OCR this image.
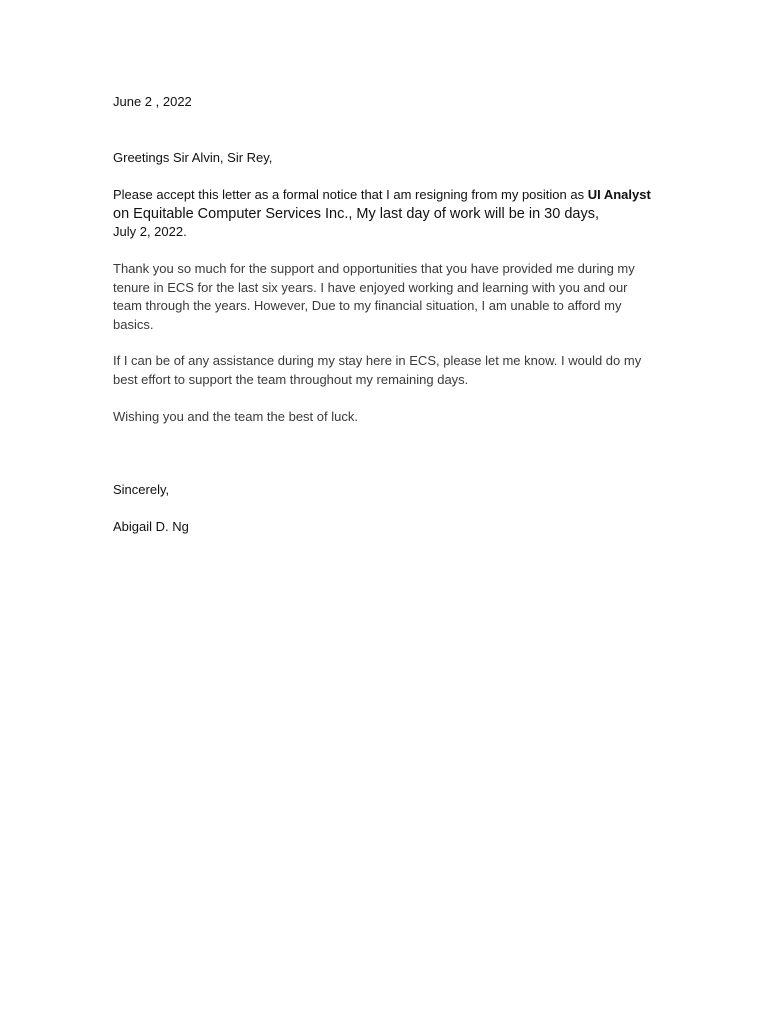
June 2 , 2022
Greetings Sir Alvin, Sir Rey,
Please accept this letter as a formal notice that I am resigning from my position as UI Analyst on Equitable Computer Services Inc., My last day of work will be in 30 days,
July 2, 2022.
Thank you so much for the support and opportunities that you have provided me during my tenure in ECS for the last six years. I have enjoyed working and learning with you and our team through the years. However, Due to my financial situation, I am unable to afford my basics.
If I can be of any assistance during my stay here in ECS, please let me know. I would do my best effort to support the team throughout my remaining days.
Wishing you and the team the best of luck.
Sincerely,
Abigail D. Ng
